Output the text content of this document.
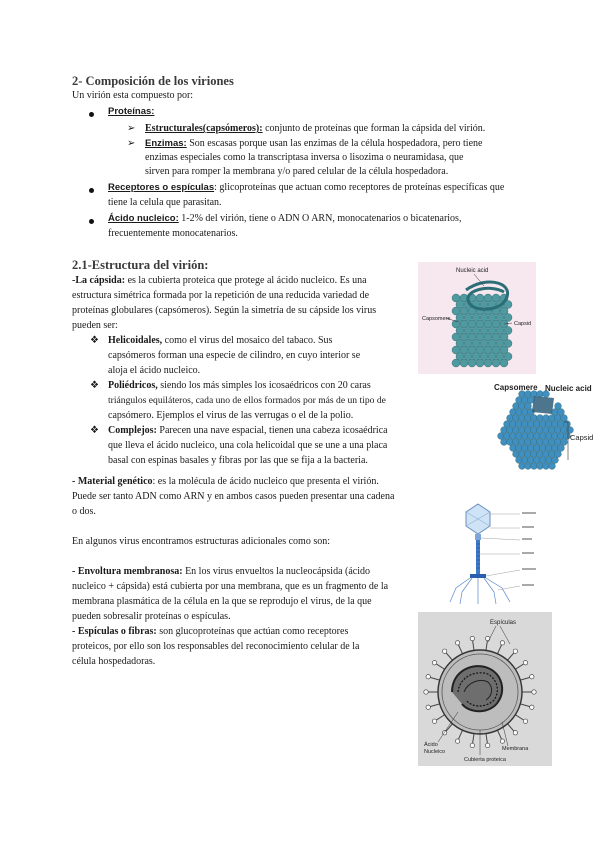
2- Composición de los viriones

Un virión esta compuesto por:

Proteínas:

➢ Estructurales(capsómeros): conjunto de proteínas que forman la cápsida del virión.

➢ Enzimas: Son escasas porque usan las enzimas de la célula hospedadora, pero tiene

enzimas especiales como la transcriptasa inversa o lisozima o neuramidasa, que

sirven para romper la membrana y/o pared celular de la célula hospedadora.

Receptores o espículas: glicoproteínas que actuan como receptores de proteínas específicas que

tiene la celula que parasitan.

Ácido nucleico: 1-2% del virión, tiene o ADN O ARN, monocatenarios o bicatenarios,

frecuentemente monocatenarios.

2.1-Estructura del virión:

-La cápsida: es la cubierta proteica que protege al ácido nucleico. Es una

estructura simétrica formada por la repetición de una reducida variedad de

proteínas globulares (capsómeros). Según la simetría de su cápside los virus

pueden ser:

❖ Helicoidales, como el virus del mosaico del tabaco. Sus

capsómeros forman una especie de cilindro, en cuyo interior se

aloja el ácido nucleico.

❖ Poliédricos, siendo los más simples los icosaédricos con 20 caras

triángulos equiláteros, cada uno de ellos formados por más de un tipo de

capsómero. Ejemplos el virus de las verrugas o el de la polio.

❖ Complejos: Parecen una nave espacial, tienen una cabeza icosaédrica

que lleva el ácido nucleico, una cola helicoidal que se une a una placa

basal con espinas basales y fibras por las que se fija a la bacteria.

- Material genético: es la molécula de ácido nucleico que presenta el virión.

Puede ser tanto ADN como ARN y en ambos casos pueden presentar una cadena

o dos.

En algunos virus encontramos estructuras adicionales como son:

- Envoltura membranosa: En los virus envueltos la nucleocápsida (ácido

nucleico + cápsida) está cubierta por una membrana, que es un fragmento de la

membrana plasmática de la célula en la que se reprodujo el virus, de la que

pueden sobresalir proteínas o espículas.

- Espículas o fibras: son glucoproteínas que actúan como receptores

proteicos, por ello son los responsables del reconocimiento celular de la

célula hospedadoras.

Nucleic acid
Capsomere
Capsid
Capsomere Nucleic acid
Capsid
Espículas
Ácido Nucleico	Membrana
Cubierta proteica
